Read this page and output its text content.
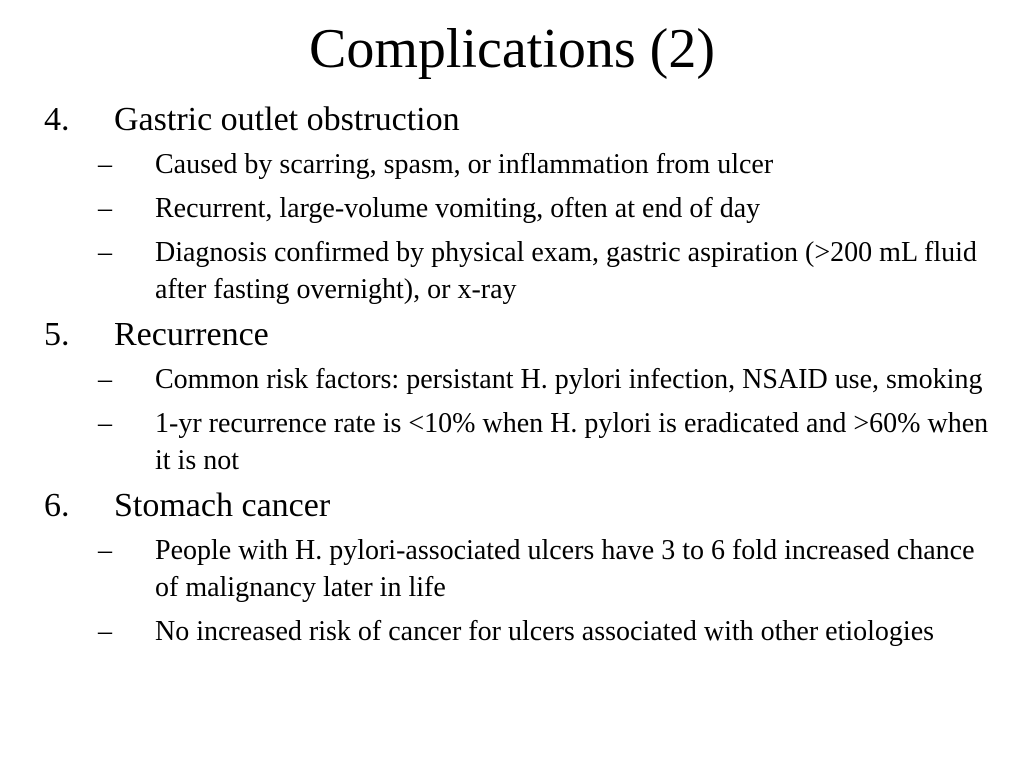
Complications (2)
4. Gastric outlet obstruction
– Caused by scarring, spasm, or inflammation from ulcer
– Recurrent, large-volume vomiting, often at end of day
– Diagnosis confirmed by physical exam, gastric aspiration (>200 mL fluid after fasting overnight), or x-ray
5. Recurrence
– Common risk factors: persistant H. pylori infection, NSAID use, smoking
– 1-yr recurrence rate is <10% when H. pylori is eradicated and >60% when it is not
6. Stomach cancer
– People with H. pylori-associated ulcers have 3 to 6 fold increased chance of malignancy later in life
– No increased risk of cancer for ulcers associated with other etiologies
